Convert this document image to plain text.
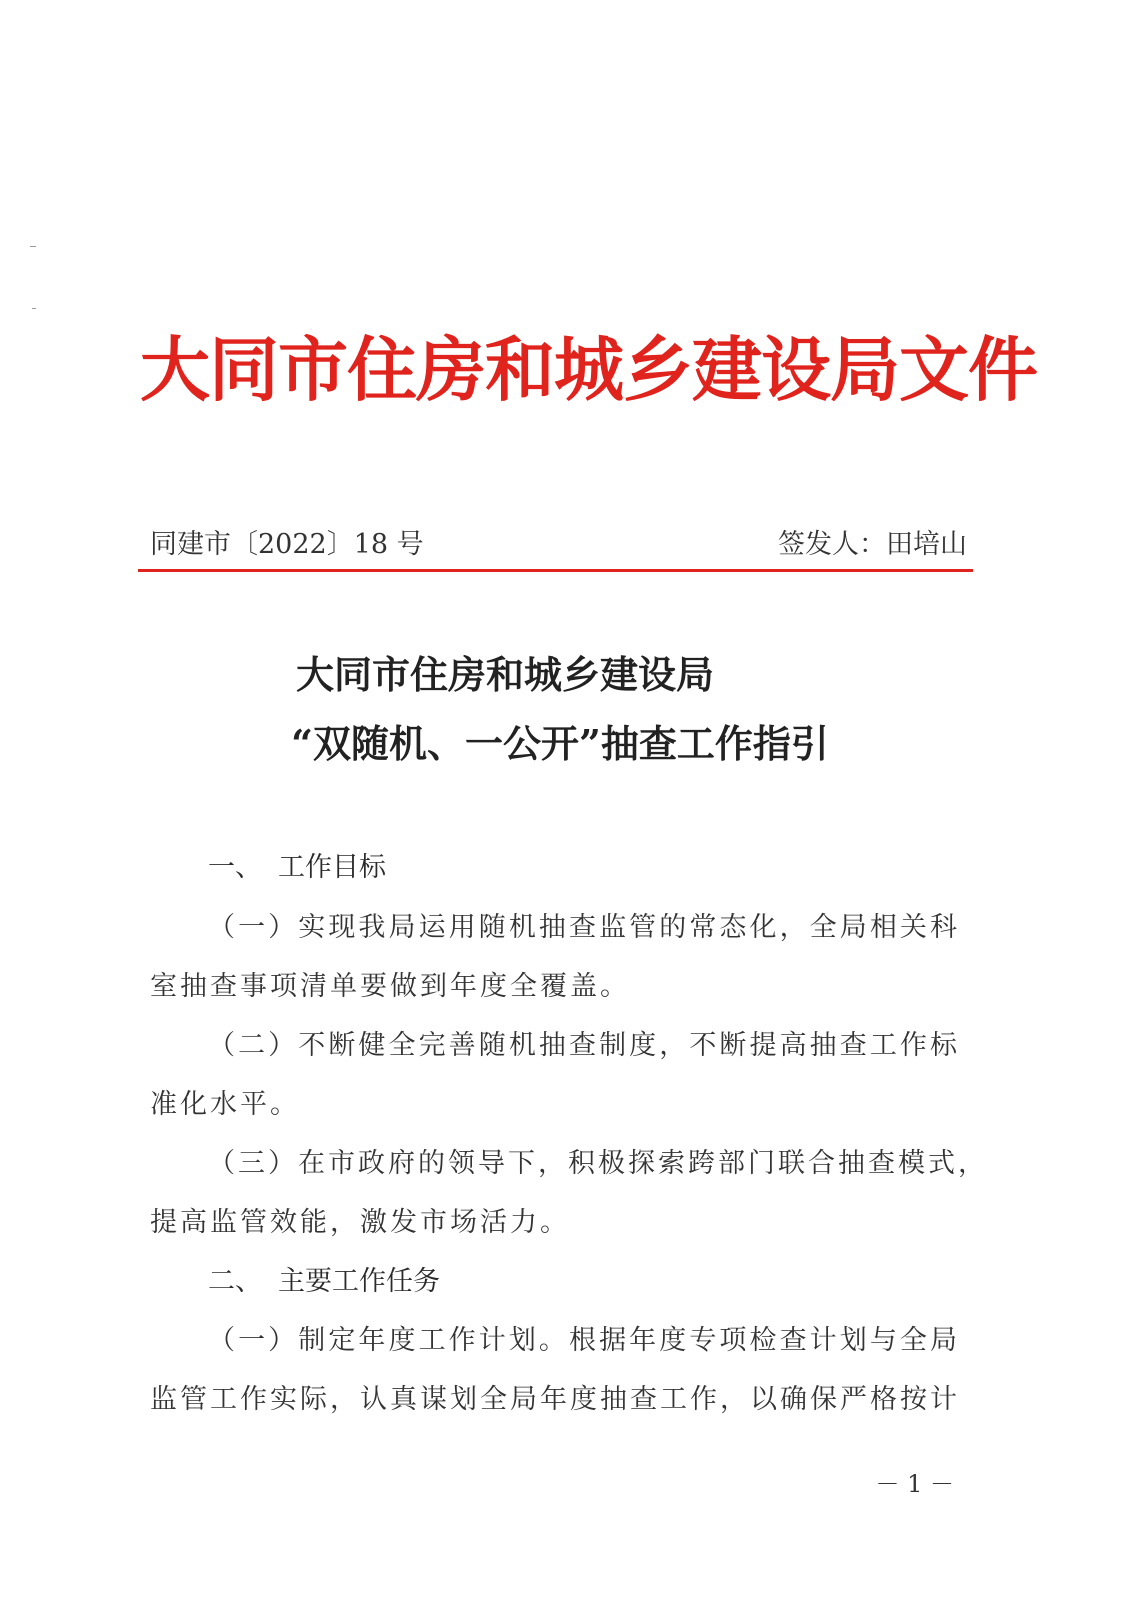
大同市住房和城乡建设局文件
同建市〔2022〕18 号	签发人：田培山
大同市住房和城乡建设局
“双随机、一公开”抽查工作指引
一、 工作目标
（一）实现我局运用随机抽查监管的常态化，全局相关科
室抽查事项清单要做到年度全覆盖。
（二）不断健全完善随机抽查制度，不断提高抽查工作标
准化水平。
（三）在市政府的领导下，积极探索跨部门联合抽查模式，
提高监管效能，激发市场活力。
二、 主要工作任务
（一）制定年度工作计划。根据年度专项检查计划与全局
监管工作实际，认真谋划全局年度抽查工作，以确保严格按计
－ 1 －
